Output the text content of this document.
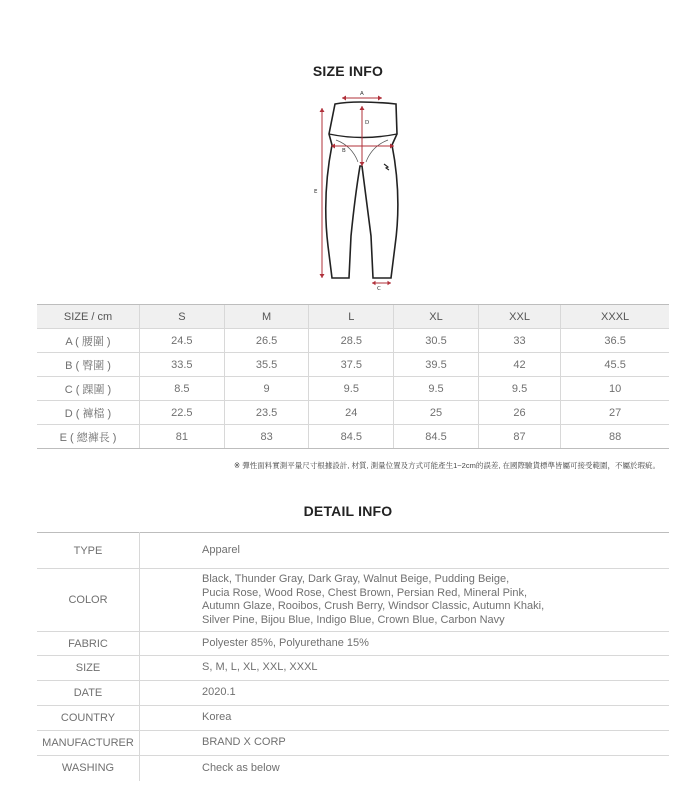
SIZE INFO
A
D
B
E
C
SIZE / cm	S	M	L	XL	XXL	XXXL
A ( 腰圍 )	24.5	26.5	28.5	30.5	33	36.5
B ( 臀圍 )	33.5	35.5	37.5	39.5	42	45.5
C ( 踝圍 )	8.5	9	9.5	9.5	9.5	10
D ( 褲檔 )	22.5	23.5	24	25	26	27
E ( 總褲長 )	81	83	84.5	84.5	87	88
※ 彈性面料實測平量尺寸根據設計, 材質, 測量位置及方式可能產生1~2cm的誤差, 在國際驗貨標準皆屬可接受範圍，不屬於瑕疵。
DETAIL INFO
TYPE	Apparel
COLOR	Black, Thunder Gray, Dark Gray, Walnut Beige, Pudding Beige,
Pucia Rose, Wood Rose, Chest Brown, Persian Red, Mineral Pink,
Autumn Glaze, Rooibos, Crush Berry, Windsor Classic, Autumn Khaki,
Silver Pine, Bijou Blue, Indigo Blue, Crown Blue, Carbon Navy

FABRIC	Polyester 85%, Polyurethane 15%
SIZE	S, M, L, XL, XXL, XXXL
DATE	2020.1
COUNTRY	Korea
MANUFACTURER	BRAND X CORP
WASHING	Check as below
